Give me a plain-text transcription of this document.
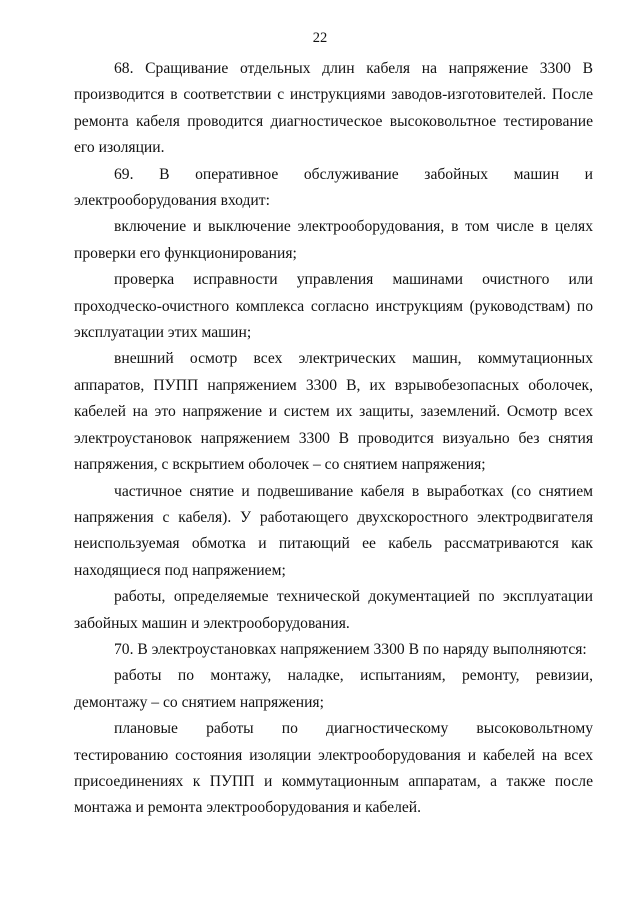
22

68. Сращивание отдельных длин кабеля на напряжение 3300 В производится в соответствии с инструкциями заводов-изготовителей. После ремонта кабеля проводится диагностическое высоковольтное тестирование его изоляции.

69. В оперативное обслуживание забойных машин и электрооборудования входит:

включение и выключение электрооборудования, в том числе в целях проверки его функционирования;

проверка исправности управления машинами очистного или проходческо-очистного комплекса согласно инструкциям (руководствам) по эксплуатации этих машин;

внешний осмотр всех электрических машин, коммутационных аппаратов, ПУПП напряжением 3300 В, их взрывобезопасных оболочек, кабелей на это напряжение и систем их защиты, заземлений. Осмотр всех электроустановок напряжением 3300 В проводится визуально без снятия напряжения, с вскрытием оболочек – со снятием напряжения;

частичное снятие и подвешивание кабеля в выработках (со снятием напряжения с кабеля). У работающего двухскоростного электродвигателя неиспользуемая обмотка и питающий ее кабель рассматриваются как находящиеся под напряжением;

работы, определяемые технической документацией по эксплуатации забойных машин и электрооборудования.

70. В электроустановках напряжением 3300 В по наряду выполняются:

работы по монтажу, наладке, испытаниям, ремонту, ревизии, демонтажу – со снятием напряжения;

плановые работы по диагностическому высоковольтному тестированию состояния изоляции электрооборудования и кабелей на всех присоединениях к ПУПП и коммутационным аппаратам, а также после монтажа и ремонта электрооборудования и кабелей.
